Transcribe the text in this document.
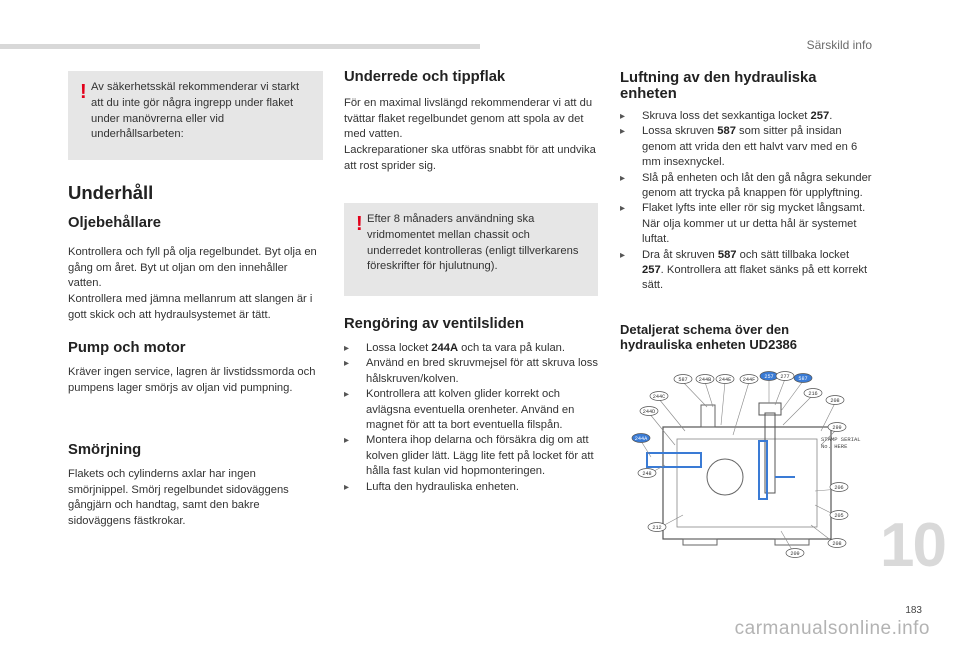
Särskild info
! Av säkerhetsskäl rekommenderar vi starkt att du inte gör några ingrepp under flaket under manövrerna eller vid underhållsarbeten:
Underhåll
Oljebehållare
Kontrollera och fyll på olja regelbundet. Byt olja en gång om året. Byt ut oljan om den innehåller vatten.
Kontrollera med jämna mellanrum att slangen är i gott skick och att hydraulsystemet är tätt.
Pump och motor
Kräver ingen service, lagren är livstidssmorda och pumpens lager smörjs av oljan vid pumpning.
Smörjning
Flakets och cylinderns axlar har ingen smörjnippel. Smörj regelbundet sidoväggens gångjärn och handtag, samt den bakre sidoväggens fästkrokar.
Underrede och tippflak
För en maximal livslängd rekommenderar vi att du tvättar flaket regelbundet genom att spola av det med vatten.
Lackreparationer ska utföras snabbt för att undvika att rost sprider sig.
! Efter 8 månaders användning ska vridmomentet mellan chassit och underredet kontrolleras (enligt tillverkarens föreskrifter för hjulutnung).
Rengöring av ventilsliden
▸ Lossa locket 244A och ta vara på kulan.
▸ Använd en bred skruvmejsel för att skruva loss hålskruven/kolven.
▸ Kontrollera att kolven glider korrekt och avlägsna eventuella orenheter. Använd en magnet för att ta bort eventuella filspån.
▸ Montera ihop delarna och försäkra dig om att kolven glider lätt. Lägg lite fett på locket för att hålla fast kulan vid hopmonteringen.
▸ Lufta den hydrauliska enheten.
Luftning av den hydrauliska enheten
▸ Skruva loss det sexkantiga locket 257.
▸ Lossa skruven 587 som sitter på insidan genom att vrida den ett halvt varv med en 6 mm insexnyckel.
▸ Slå på enheten och låt den gå några sekunder genom att trycka på knappen för upplyftning.
▸ Flaket lyfts inte eller rör sig mycket långsamt. När olja kommer ut ur detta hål är systemet luftat.
▸ Dra åt skruven 587 och sätt tillbaka locket 257. Kontrollera att flaket sänks på ett korrekt sätt.
Detaljerat schema över den hydrauliska enheten UD2386
STAMP SERIAL
No. HERE
587 244B 244E 244F 257 277 587
216
244C
208
244D
299
244A
248
206
205
212
208
209 10
183
carmanualsonline.info
